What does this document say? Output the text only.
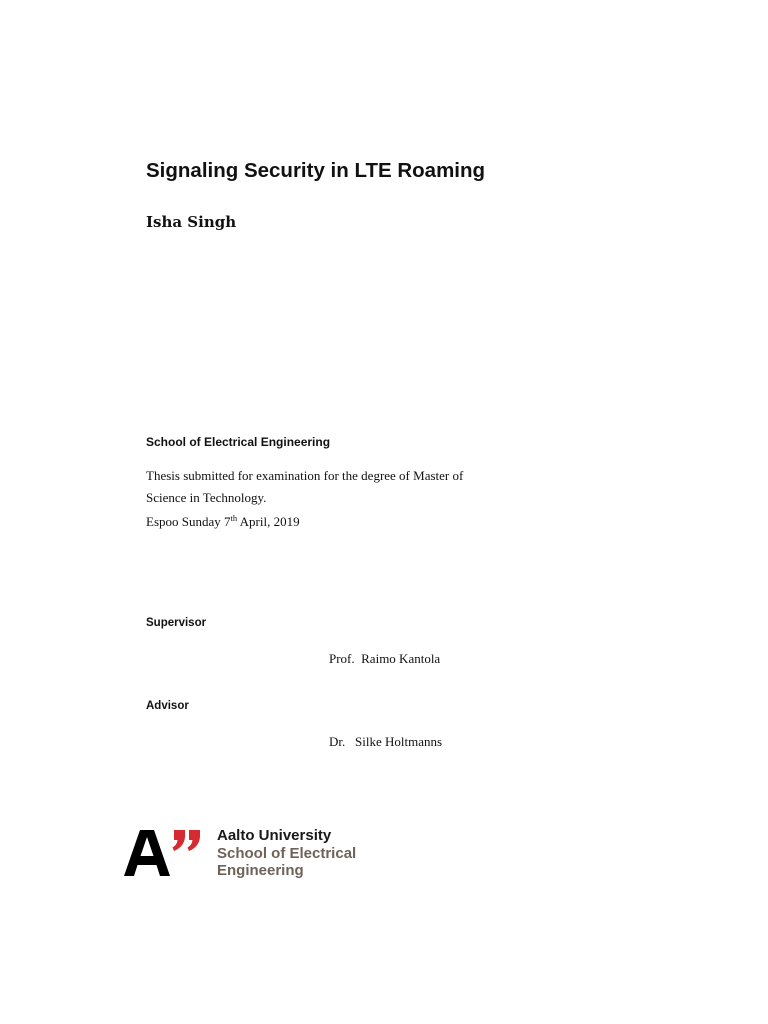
Signaling Security in LTE Roaming
Isha Singh
School of Electrical Engineering
Thesis submitted for examination for the degree of Master of
Science in Technology.
Espoo Sunday 7th April, 2019
Supervisor
Prof.  Raimo Kantola
Advisor
Dr.   Silke Holtmanns
Aalto University
School of Electrical
Engineering
